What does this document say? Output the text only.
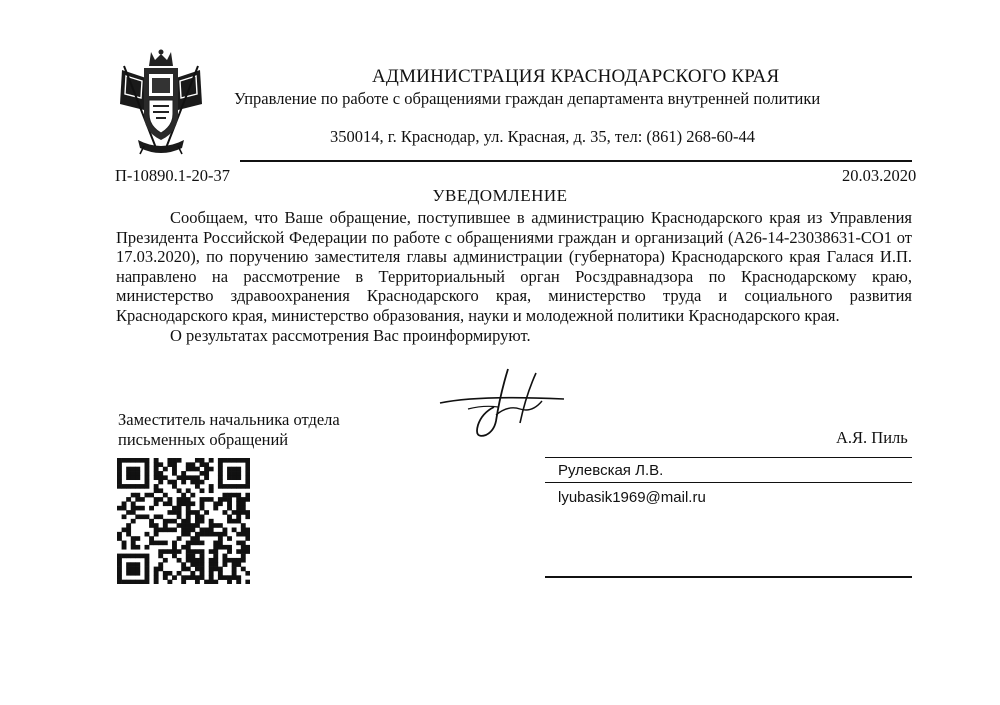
АДМИНИСТРАЦИЯ КРАСНОДАРСКОГО КРАЯ
Управление по работе с обращениями граждан департамента внутренней политики
350014, г. Краснодар, ул. Красная, д. 35, тел: (861) 268-60-44
П-10890.1-20-37	20.03.2020
УВЕДОМЛЕНИЕ

Сообщаем, что Ваше обращение, поступившее в администрацию Краснодарского края из Управления Президента Российской Федерации по работе с обращениями граждан и организаций (А26-14-23038631-СО1 от 17.03.2020), по поручению заместителя главы администрации (губернатора) Краснодарского края Галася И.П. направлено на рассмотрение в Территориальный орган Росздравнадзора по Краснодарскому краю, министерство здравоохранения Краснодарского края, министерство труда и социального развития Краснодарского края, министерство образования, науки и молодежной политики Краснодарского края.

О результатах рассмотрения Вас проинформируют.

Заместитель начальника отдела
письменных обращений	А.Я. Пиль
Рулевская Л.В.
lyubasik1969@mail.ru
